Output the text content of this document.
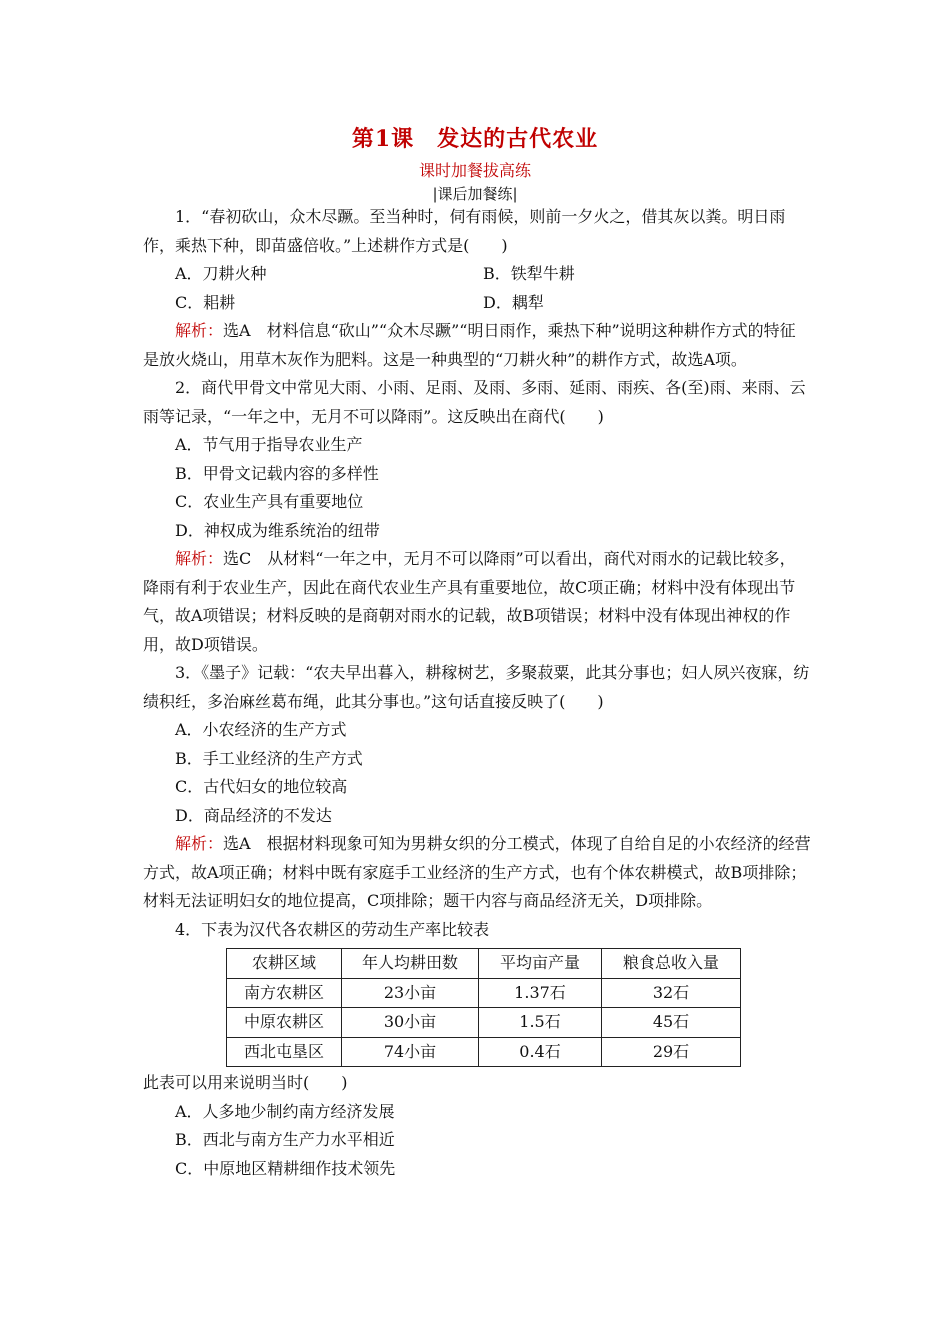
第1课　发达的古代农业
课时加餐拔高练
|课后加餐练|

1．“春初砍山，众木尽蹶。至当种时，伺有雨候，则前一夕火之，借其灰以粪。明日雨作，乘热下种，即苗盛倍收。”上述耕作方式是(　　)

A．刀耕火种	B．铁犁牛耕
C．耜耕	D．耦犁

解析：选A　材料信息“砍山”“众木尽蹶”“明日雨作，乘热下种”说明这种耕作方式的特征是放火烧山，用草木灰作为肥料。这是一种典型的“刀耕火种”的耕作方式，故选A项。

2．商代甲骨文中常见大雨、小雨、足雨、及雨、多雨、延雨、雨疾、各(至)雨、来雨、云雨等记录，“一年之中，无月不可以降雨”。这反映出在商代(　　)

A．节气用于指导农业生产

B．甲骨文记载内容的多样性

C．农业生产具有重要地位

D．神权成为维系统治的纽带

解析：选C　从材料“一年之中，无月不可以降雨”可以看出，商代对雨水的记载比较多，降雨有利于农业生产，因此在商代农业生产具有重要地位，故C项正确；材料中没有体现出节气，故A项错误；材料反映的是商朝对雨水的记载，故B项错误；材料中没有体现出神权的作用，故D项错误。

3．《墨子》记载：“农夫早出暮入，耕稼树艺，多聚菽粟，此其分事也；妇人夙兴夜寐，纺绩积纴，多治麻丝葛布绳，此其分事也。”这句话直接反映了(　　)

A．小农经济的生产方式

B．手工业经济的生产方式

C．古代妇女的地位较高

D．商品经济的不发达

解析：选A　根据材料现象可知为男耕女织的分工模式，体现了自给自足的小农经济的经营方式，故A项正确；材料中既有家庭手工业经济的生产方式，也有个体农耕模式，故B项排除；材料无法证明妇女的地位提高，C项排除；题干内容与商品经济无关，D项排除。

4．下表为汉代各农耕区的劳动生产率比较表

农耕区域	年人均耕田数	平均亩产量	粮食总收入量
南方农耕区	23小亩	1.37石	32石
中原农耕区	30小亩	1.5石	45石
西北屯垦区	74小亩	0.4石	29石

此表可以用来说明当时(　　)

A．人多地少制约南方经济发展

B．西北与南方生产力水平相近

C．中原地区精耕细作技术领先
